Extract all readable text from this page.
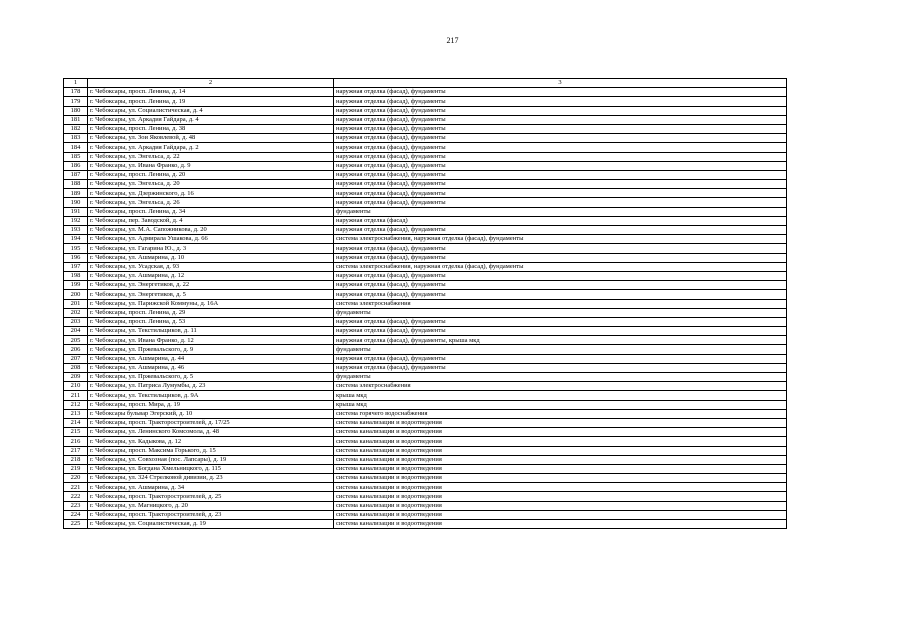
217
1	2	3
178	г. Чебоксары, просп. Ленина, д. 14	наружная отделка (фасад), фундаменты
179	г. Чебоксары, просп. Ленина, д. 19	наружная отделка (фасад), фундаменты
180	г. Чебоксары, ул. Социалистическая, д. 4	наружная отделка (фасад), фундаменты
181	г. Чебоксары, ул. Аркадия Гайдара, д. 4	наружная отделка (фасад), фундаменты
182	г. Чебоксары, просп. Ленина, д. 38	наружная отделка (фасад), фундаменты
183	г. Чебоксары, ул. Зои Яковлевой, д. 48	наружная отделка (фасад), фундаменты
184	г. Чебоксары, ул. Аркадия Гайдара, д. 2	наружная отделка (фасад), фундаменты
185	г. Чебоксары, ул. Энгельса, д. 22	наружная отделка (фасад), фундаменты
186	г. Чебоксары, ул. Ивана Франко, д. 9	наружная отделка (фасад), фундаменты
187	г. Чебоксары, просп. Ленина, д. 20	наружная отделка (фасад), фундаменты
188	г. Чебоксары, ул. Энгельса, д. 20	наружная отделка (фасад), фундаменты
189	г. Чебоксары, ул. Дзержинского, д. 16	наружная отделка (фасад), фундаменты
190	г. Чебоксары, ул. Энгельса, д. 26	наружная отделка (фасад), фундаменты
191	г. Чебоксары, просп. Ленина, д. 34	фундаменты
192	г. Чебоксары, пер. Заводской, д. 4	наружная отделка (фасад)
193	г. Чебоксары, ул. М.А. Сапожникова, д. 20	наружная отделка (фасад), фундаменты
194	г. Чебоксары, ул. Адмирала Ушакова, д. 66	система электроснабжения, наружная отделка (фасад), фундаменты
195	г. Чебоксары, ул. Гагарина Ю., д. 3	наружная отделка (фасад), фундаменты
196	г. Чебоксары, ул. Ашмарина, д. 10	наружная отделка (фасад), фундаменты
197	г. Чебоксары, ул. Усадская, д. 93	система электроснабжения, наружная отделка (фасад), фундаменты
198	г. Чебоксары, ул. Ашмарина, д. 12	наружная отделка (фасад), фундаменты
199	г. Чебоксары, ул. Энергетиков, д. 22	наружная отделка (фасад), фундаменты
200	г. Чебоксары, ул. Энергетиков, д. 5	наружная отделка (фасад), фундаменты
201	г. Чебоксары, ул. Парижской Коммуны, д. 16А	система электроснабжения
202	г. Чебоксары, просп. Ленина, д. 29	фундаменты
203	г. Чебоксары, просп. Ленина, д. 53	наружная отделка (фасад), фундаменты
204	г. Чебоксары, ул. Текстильщиков, д. 11	наружная отделка (фасад), фундаменты
205	г. Чебоксары, ул. Ивана Франко, д. 12	наружная отделка (фасад), фундаменты, крыша мкд
206	г. Чебоксары, ул. Пржевальского, д. 9	фундаменты
207	г. Чебоксары, ул. Ашмарина, д. 44	наружная отделка (фасад), фундаменты
208	г. Чебоксары, ул. Ашмарина, д. 46	наружная отделка (фасад), фундаменты
209	г. Чебоксары, ул. Пржевальского, д. 5	фундаменты
210	г. Чебоксары, ул. Патриса Лумумбы, д. 23	система электроснабжения
211	г. Чебоксары, ул. Текстильщиков, д. 9А	крыша мкд
212	г. Чебоксары, просп. Мира, д. 19	крыша мкд
213	г. Чебоксары бульвар Эгерский, д. 10	система горячего водоснабжения
214	г. Чебоксары, просп. Тракторостроителей, д. 17/25	система канализации и водоотведения
215	г. Чебоксары, ул. Ленинского Комсомола, д. 48	система канализации и водоотведения
216	г. Чебоксары, ул. Кадыкова, д. 12	система канализации и водоотведения
217	г. Чебоксары, просп. Максима Горького, д. 15	система канализации и водоотведения
218	г. Чебоксары, ул. Совхозная (пос. Лапсары), д. 19	система канализации и водоотведения
219	г. Чебоксары, ул. Богдана Хмельницкого, д. 115	система канализации и водоотведения
220	г. Чебоксары, ул. 324 Стрелковой дивизии, д. 23	система канализации и водоотведения
221	г. Чебоксары, ул. Ашмарина, д. 34	система канализации и водоотведения
222	г. Чебоксары, просп. Тракторостроителей, д. 25	система канализации и водоотведения
223	г. Чебоксары, ул. Магницкого, д. 20	система канализации и водоотведения
224	г. Чебоксары, просп. Тракторостроителей, д. 23	система канализации и водоотведения
225	г. Чебоксары, ул. Социалистическая, д. 19	система канализации и водоотведения
